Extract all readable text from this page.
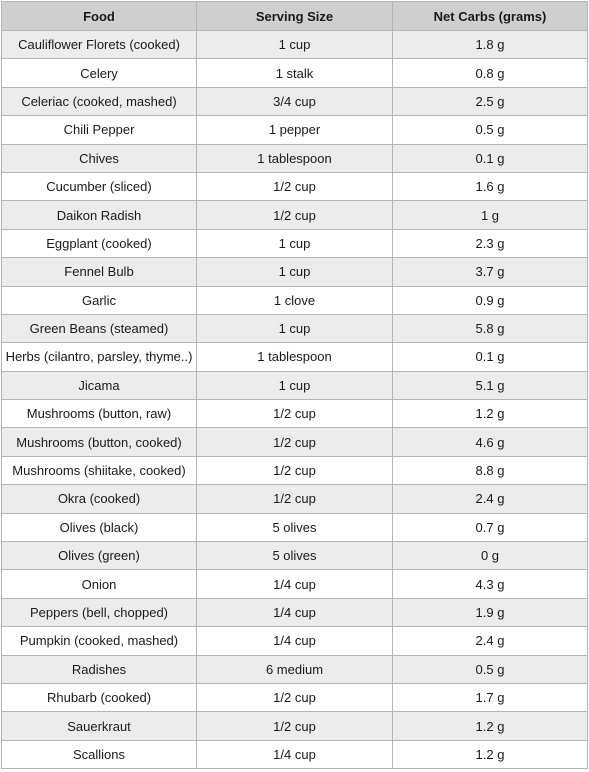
Food	Serving Size	Net Carbs (grams)
Cauliflower Florets (cooked)	1 cup	1.8 g
Celery	1 stalk	0.8 g
Celeriac (cooked, mashed)	3/4 cup	2.5 g
Chili Pepper	1 pepper	0.5 g
Chives	1 tablespoon	0.1 g
Cucumber (sliced)	1/2 cup	1.6 g
Daikon Radish	1/2 cup	1 g
Eggplant (cooked)	1 cup	2.3 g
Fennel Bulb	1 cup	3.7 g
Garlic	1 clove	0.9 g
Green Beans (steamed)	1 cup	5.8 g
Herbs (cilantro, parsley, thyme..)	1 tablespoon	0.1 g
Jicama	1 cup	5.1 g
Mushrooms (button, raw)	1/2 cup	1.2 g
Mushrooms (button, cooked)	1/2 cup	4.6 g
Mushrooms (shiitake, cooked)	1/2 cup	8.8 g
Okra (cooked)	1/2 cup	2.4 g
Olives (black)	5 olives	0.7 g
Olives (green)	5 olives	0 g
Onion	1/4 cup	4.3 g
Peppers (bell, chopped)	1/4 cup	1.9 g
Pumpkin (cooked, mashed)	1/4 cup	2.4 g
Radishes	6 medium	0.5 g
Rhubarb (cooked)	1/2 cup	1.7 g
Sauerkraut	1/2 cup	1.2 g
Scallions	1/4 cup	1.2 g
